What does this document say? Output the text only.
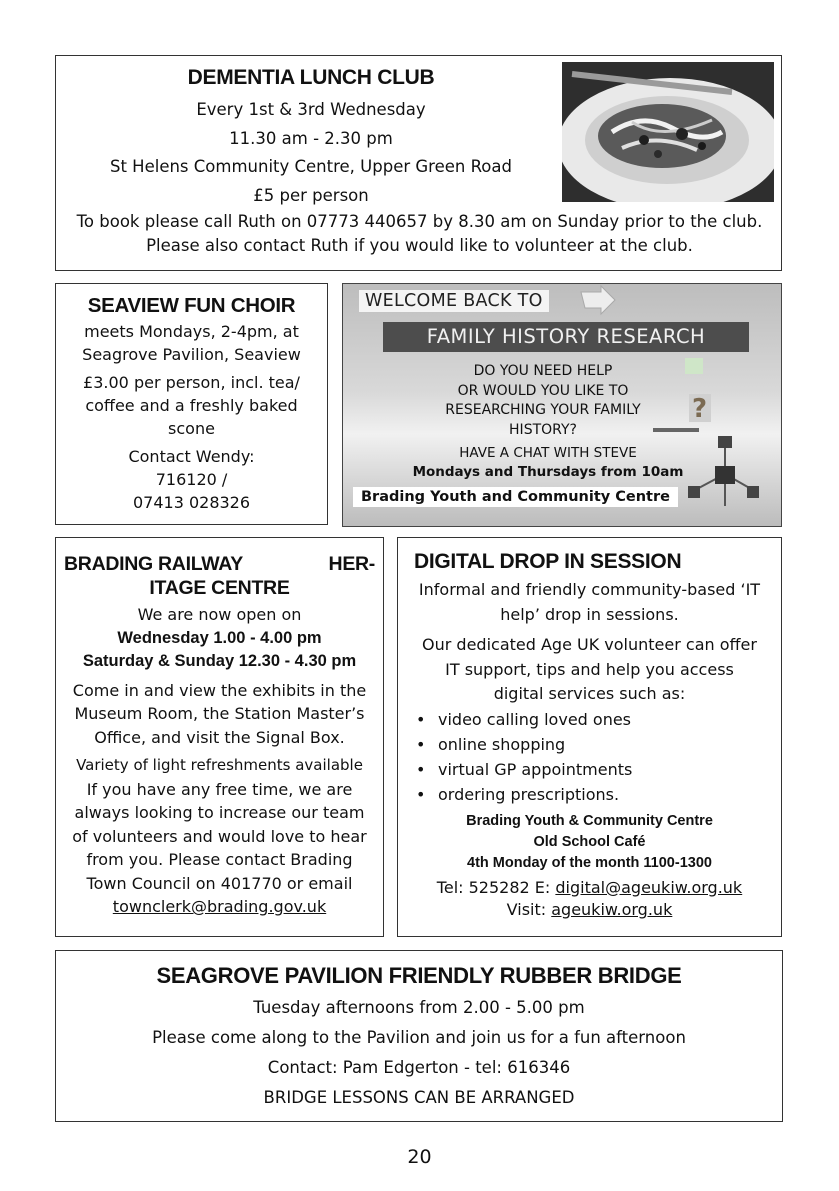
DEMENTIA LUNCH CLUB

Every 1st & 3rd Wednesday

11.30 am - 2.30 pm

St Helens Community Centre, Upper Green Road

£5 per person

To book please call Ruth on 07773 440657 by 8.30 am on Sunday prior to the club. Please also contact Ruth if you would like to volunteer at the club.

SEAVIEW FUN CHOIR

meets Mondays, 2-4pm, at Seagrove Pavilion, Seaview

£3.00 per person, incl. tea/ coffee and a freshly baked scone

Contact Wendy:

716120 /

07413 028326

?
WELCOME BACK TO
FAMILY HISTORY RESEARCH

DO YOU NEED HELP

OR WOULD YOU LIKE TO

RESEARCHING YOUR FAMILY

HISTORY?

HAVE A CHAT WITH STEVE

Mondays and Thursdays from 10am

Brading Youth and Community Centre
BRADING RAILWAY	HER-
ITAGE CENTRE

We are now open on

Wednesday 1.00 - 4.00 pm

Saturday & Sunday 12.30 - 4.30 pm

Come in and view the exhibits in the Museum Room, the Station Master’s Office, and visit the Signal Box.

Variety of light refreshments available

If you have any free time, we are always looking to increase our team of volunteers and would love to hear from you. Please contact Brading Town Council on 401770 or email townclerk@brading.gov.uk

DIGITAL DROP IN SESSION

Informal and friendly community-based ‘IT help’ drop in sessions.

Our dedicated Age UK volunteer can offer IT support, tips and help you access digital services such as:

• video calling loved ones
• online shopping
• virtual GP appointments
• ordering prescriptions.

Brading Youth & Community Centre

Old School Café

4th Monday of the month 1100-1300

Tel: 525282 E: digital@ageukiw.org.uk

Visit: ageukiw.org.uk

SEAGROVE PAVILION FRIENDLY RUBBER BRIDGE

Tuesday afternoons from 2.00 - 5.00 pm

Please come along to the Pavilion and join us for a fun afternoon

Contact: Pam Edgerton - tel: 616346

BRIDGE LESSONS CAN BE ARRANGED

20
